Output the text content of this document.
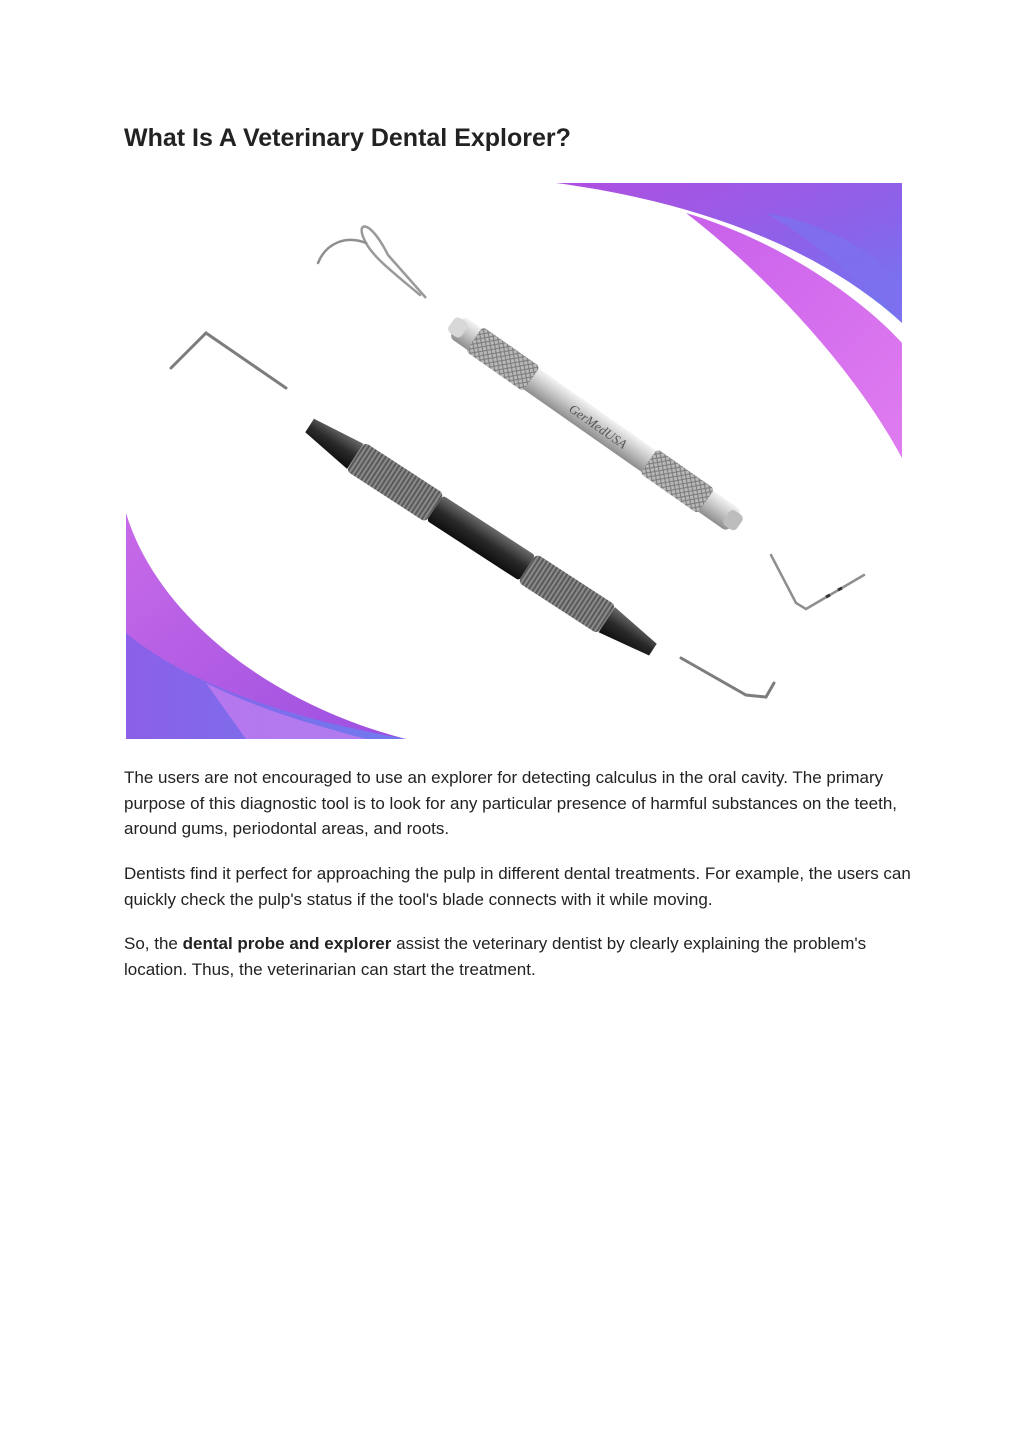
What Is A Veterinary Dental Explorer?
GerMedUSA

The users are not encouraged to use an explorer for detecting calculus in the oral cavity. The primary purpose of this diagnostic tool is to look for any particular presence of harmful substances on the teeth, around gums, periodontal areas, and roots.

Dentists find it perfect for approaching the pulp in different dental treatments. For example, the users can quickly check the pulp's status if the tool's blade connects with it while moving.

So, the dental probe and explorer assist the veterinary dentist by clearly explaining the problem's location. Thus, the veterinarian can start the treatment.
